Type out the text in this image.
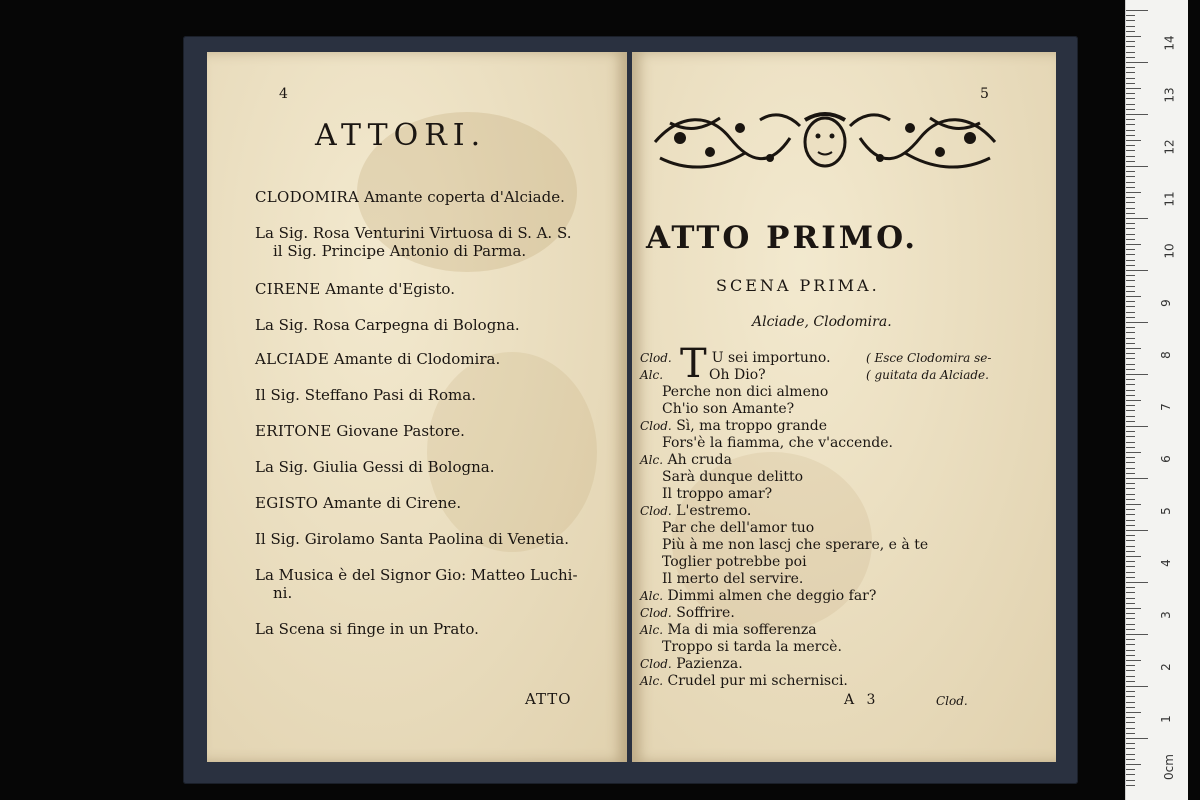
4
ATTORI.
CLODOMIRA Amante coperta d'Alciade.
La Sig. Rosa Venturini Virtuosa di S. A. S.
il Sig. Principe Antonio di Parma.
CIRENE Amante d'Egisto.
La Sig. Rosa Carpegna di Bologna.
ALCIADE Amante di Clodomira.
Il Sig. Steffano Pasi di Roma.
ERITONE Giovane Pastore.
La Sig. Giulia Gessi di Bologna.
EGISTO Amante di Cirene.
Il Sig. Girolamo Santa Paolina di Venetia.
La Musica è del Signor Gio: Matteo Luchi-
ni.
La Scena si finge in un Prato.
ATTO
5
ATTO PRIMO.
SCENA PRIMA.
Alciade, Clodomira.
T	( Esce Clodomira se-
( guitata da Alciade.
Clod.	U sei importuno.
Alc.	Oh Dio?
Perche non dici almeno
Ch'io son Amante?
Clod. Sì, ma troppo grande
Fors'è la fiamma, che v'accende.
Alc. Ah cruda
Sarà dunque delitto
Il troppo amar?
Clod. L'estremo.
Par che dell'amor tuo
Più à me non lascj che sperare, e à te
Toglier potrebbe poi
Il merto del servire.
Alc. Dimmi almen che deggio far?
Clod. Soffrire.
Alc. Ma di mia sofferenza
Troppo si tarda la mercè.
Clod. Pazienza.
Alc. Crudel pur mi schernisci.
A 3	Clod.
14
13
12
11
10
9
8
7
6
5
4
3
2
1
0cm
